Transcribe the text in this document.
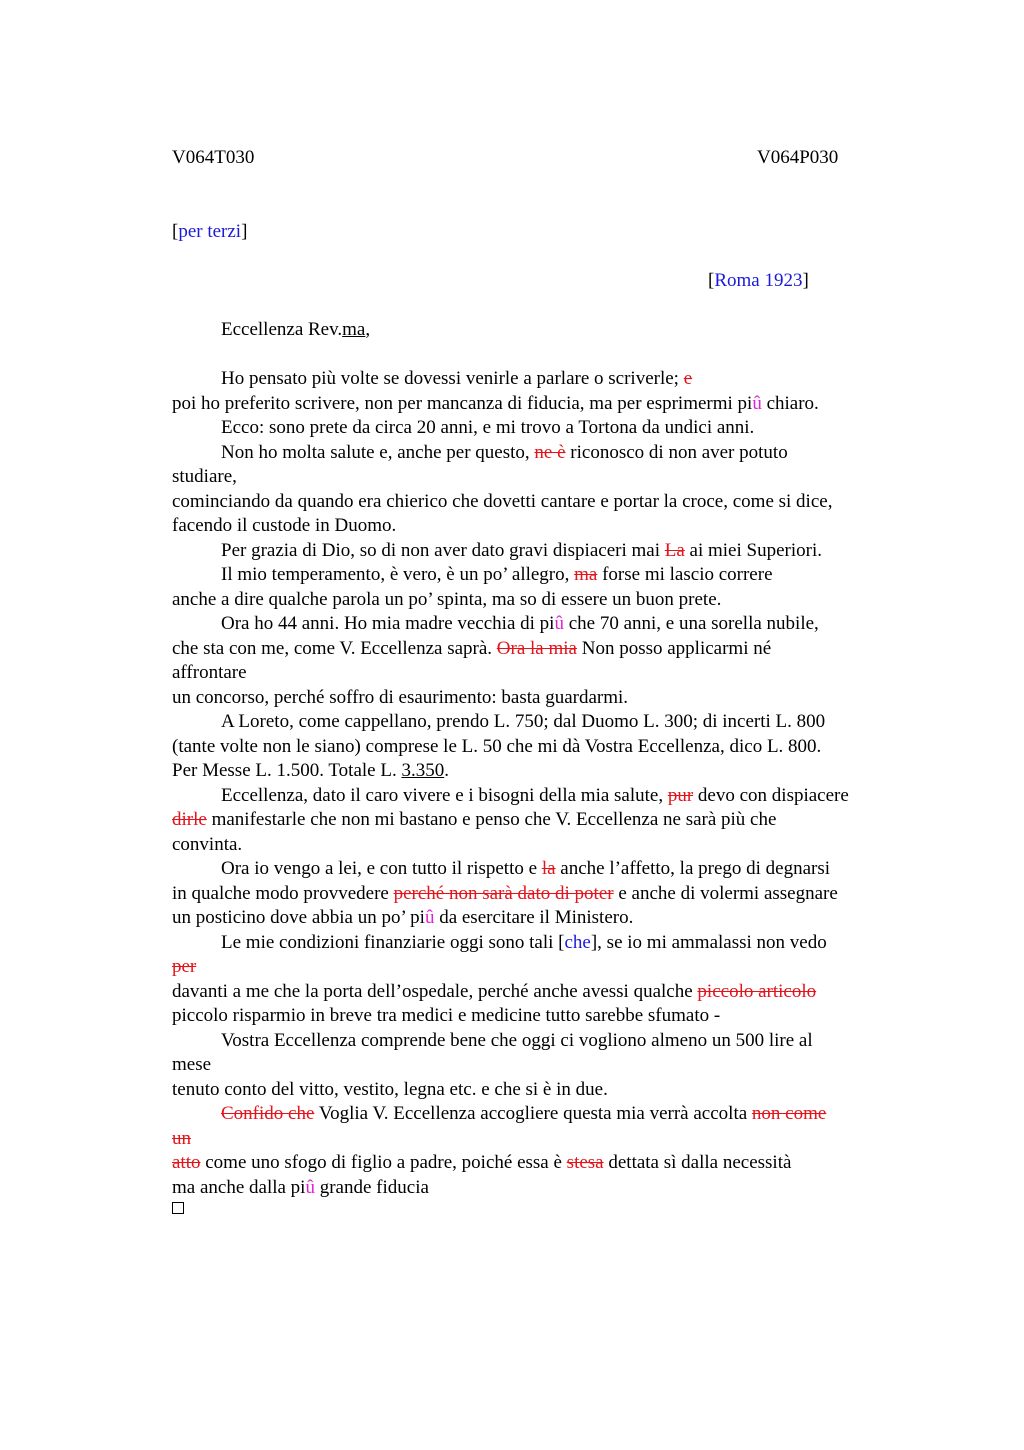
V064T030	V064P030
[per terzi]
[Roma 1923]
Eccellenza Rev.ma,
Ho pensato più volte se dovessi venirle a parlare o scriverle; e
poi ho preferito scrivere, non per mancanza di fiducia, ma per esprimermi piû chiaro.
Ecco: sono prete da circa 20 anni, e mi trovo a Tortona da undici anni.
Non ho molta salute e, anche per questo, ne è riconosco di non aver potuto
studiare,
cominciando da quando era chierico che dovetti cantare e portar la croce, come si dice,
facendo il custode in Duomo.
Per grazia di Dio, so di non aver dato gravi dispiaceri mai La ai miei Superiori.
Il mio temperamento, è vero, è un po’ allegro, ma forse mi lascio correre
anche a dire qualche parola un po’ spinta, ma so di essere un buon prete.
Ora ho 44 anni. Ho mia madre vecchia di piû che 70 anni, e una sorella nubile,
che sta con me, come V. Eccellenza saprà. Ora la mia Non posso applicarmi né
affrontare
un concorso, perché soffro di esaurimento: basta guardarmi.
A Loreto, come cappellano, prendo L. 750; dal Duomo L. 300; di incerti L. 800
(tante volte non le siano) comprese le L. 50 che mi dà Vostra Eccellenza, dico L. 800.
Per Messe L. 1.500. Totale L. 3.350.
Eccellenza, dato il caro vivere e i bisogni della mia salute, pur devo con dispiacere
dirle manifestarle che non mi bastano e penso che V. Eccellenza ne sarà più che
convinta.
Ora io vengo a lei, e con tutto il rispetto e la anche l’affetto, la prego di degnarsi
in qualche modo provvedere perché non sarà dato di poter e anche di volermi assegnare
un posticino dove abbia un po’ piû da esercitare il Ministero.
Le mie condizioni finanziarie oggi sono tali [che], se io mi ammalassi non vedo
per
davanti a me che la porta dell’ospedale, perché anche avessi qualche piccolo articolo
piccolo risparmio in breve tra medici e medicine tutto sarebbe sfumato -
Vostra Eccellenza comprende bene che oggi ci vogliono almeno un 500 lire al
mese
tenuto conto del vitto, vestito, legna etc. e che si è in due.
Confido che Voglia V. Eccellenza accogliere questa mia verrà accolta non come
un
atto come uno sfogo di figlio a padre, poiché essa è stesa dettata sì dalla necessità
ma anche dalla piû grande fiducia
